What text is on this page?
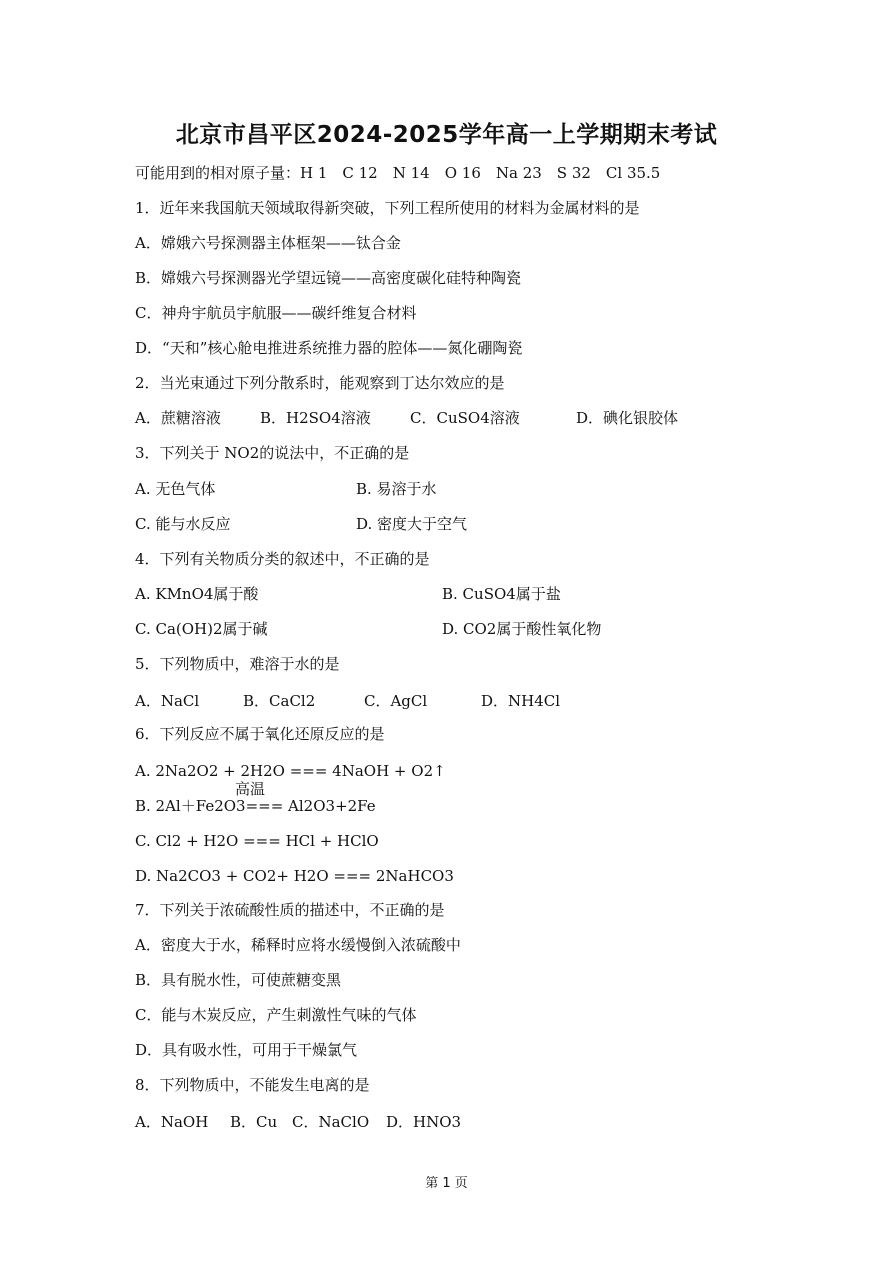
北京市昌平区2024-2025学年高一上学期期末考试
可能用到的相对原子量：H 1　C 12　N 14　O 16　Na 23　S 32　Cl 35.5
1．近年来我国航天领域取得新突破，下列工程所使用的材料为金属材料的是
A．嫦娥六号探测器主体框架——钛合金
B．嫦娥六号探测器光学望远镜——高密度碳化硅特种陶瓷
C．神舟宇航员宇航服——碳纤维复合材料
D．“天和”核心舱电推进系统推力器的腔体——氮化硼陶瓷
2．当光束通过下列分散系时，能观察到丁达尔效应的是
A．蔗糖溶液	B．H2SO4溶液	C．CuSO4溶液	D．碘化银胶体
3．下列关于 NO2的说法中，不正确的是
A. 无色气体	B. 易溶于水
C. 能与水反应	D. 密度大于空气
4．下列有关物质分类的叙述中，不正确的是
A. KMnO4属于酸	B. CuSO4属于盐
C. Ca(OH)2属于碱	D. CO2属于酸性氧化物
5．下列物质中，难溶于水的是
A．NaCl	B．CaCl2	C．AgCl	D．NH4Cl
6．下列反应不属于氧化还原反应的是
A. 2Na2O2 + 2H2O === 4NaOH + O2↑
高温
B. 2Al＋Fe2O3=== Al2O3+2Fe
C. Cl2 + H2O === HCl + HClO
D. Na2CO3 + CO2+ H2O === 2NaHCO3
7．下列关于浓硫酸性质的描述中，不正确的是
A．密度大于水，稀释时应将水缓慢倒入浓硫酸中
B．具有脱水性，可使蔗糖变黑
C．能与木炭反应，产生刺激性气味的气体
D．具有吸水性，可用于干燥氯气
8．下列物质中，不能发生电离的是
A．NaOH B．Cu C．NaClO D．HNO3
第 1 页
